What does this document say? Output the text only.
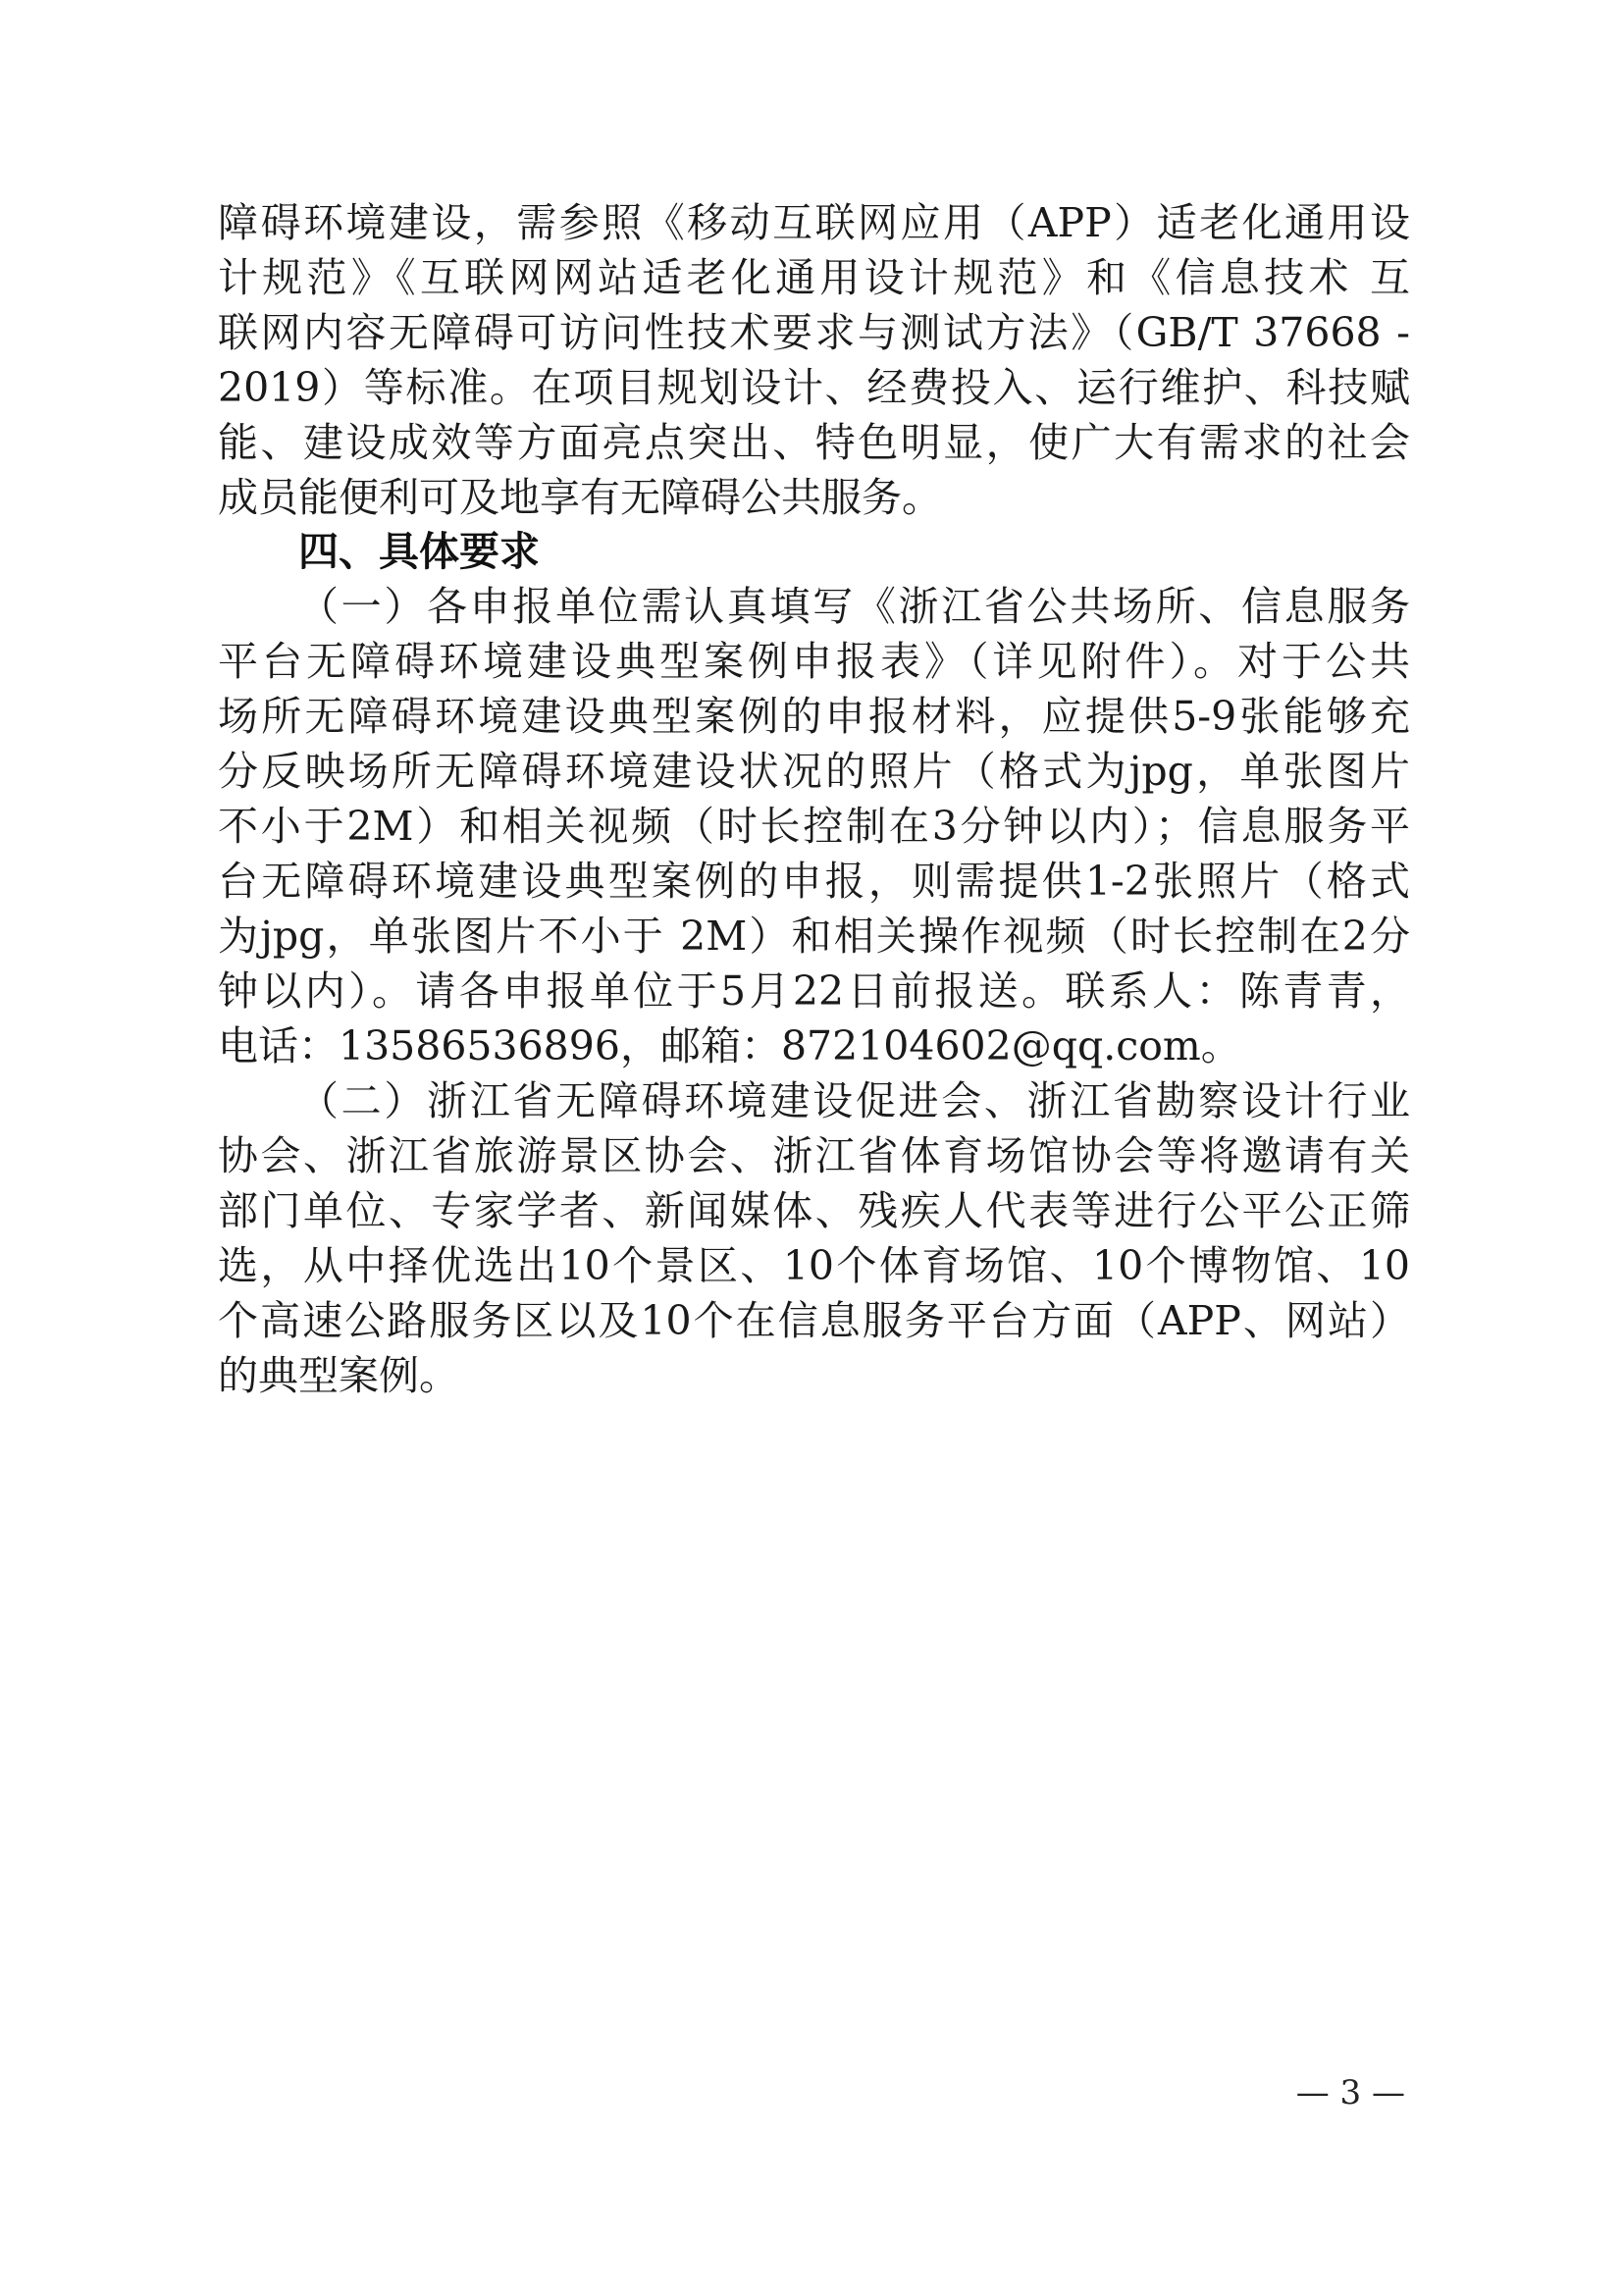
障碍环境建设，需参照《移动互联网应用（APP）适老化通用设
计规范》《互联网网站适老化通用设计规范》和《信息技术 互
联网内容无障碍可访问性技术要求与测试方法》（GB/T 37668 -
2019）等标准。在项目规划设计、经费投入、运行维护、科技赋
能、建设成效等方面亮点突出、特色明显，使广大有需求的社会
成员能便利可及地享有无障碍公共服务。
四、具体要求
（一）各申报单位需认真填写《浙江省公共场所、信息服务
平台无障碍环境建设典型案例申报表》（详见附件）。对于公共
场所无障碍环境建设典型案例的申报材料，应提供5-9张能够充
分反映场所无障碍环境建设状况的照片（格式为jpg，单张图片
不小于2M）和相关视频（时长控制在3分钟以内）；信息服务平
台无障碍环境建设典型案例的申报，则需提供1-2张照片（格式
为jpg，单张图片不小于 2M）和相关操作视频（时长控制在2分
钟以内）。请各申报单位于5月22日前报送。联系人：陈青青，
电话：13586536896，邮箱：872104602@qq.com。
（二）浙江省无障碍环境建设促进会、浙江省勘察设计行业
协会、浙江省旅游景区协会、浙江省体育场馆协会等将邀请有关
部门单位、专家学者、新闻媒体、残疾人代表等进行公平公正筛
选，从中择优选出10个景区、10个体育场馆、10个博物馆、10
个高速公路服务区以及10个在信息服务平台方面（APP、网站）
的典型案例。
— 3 —
